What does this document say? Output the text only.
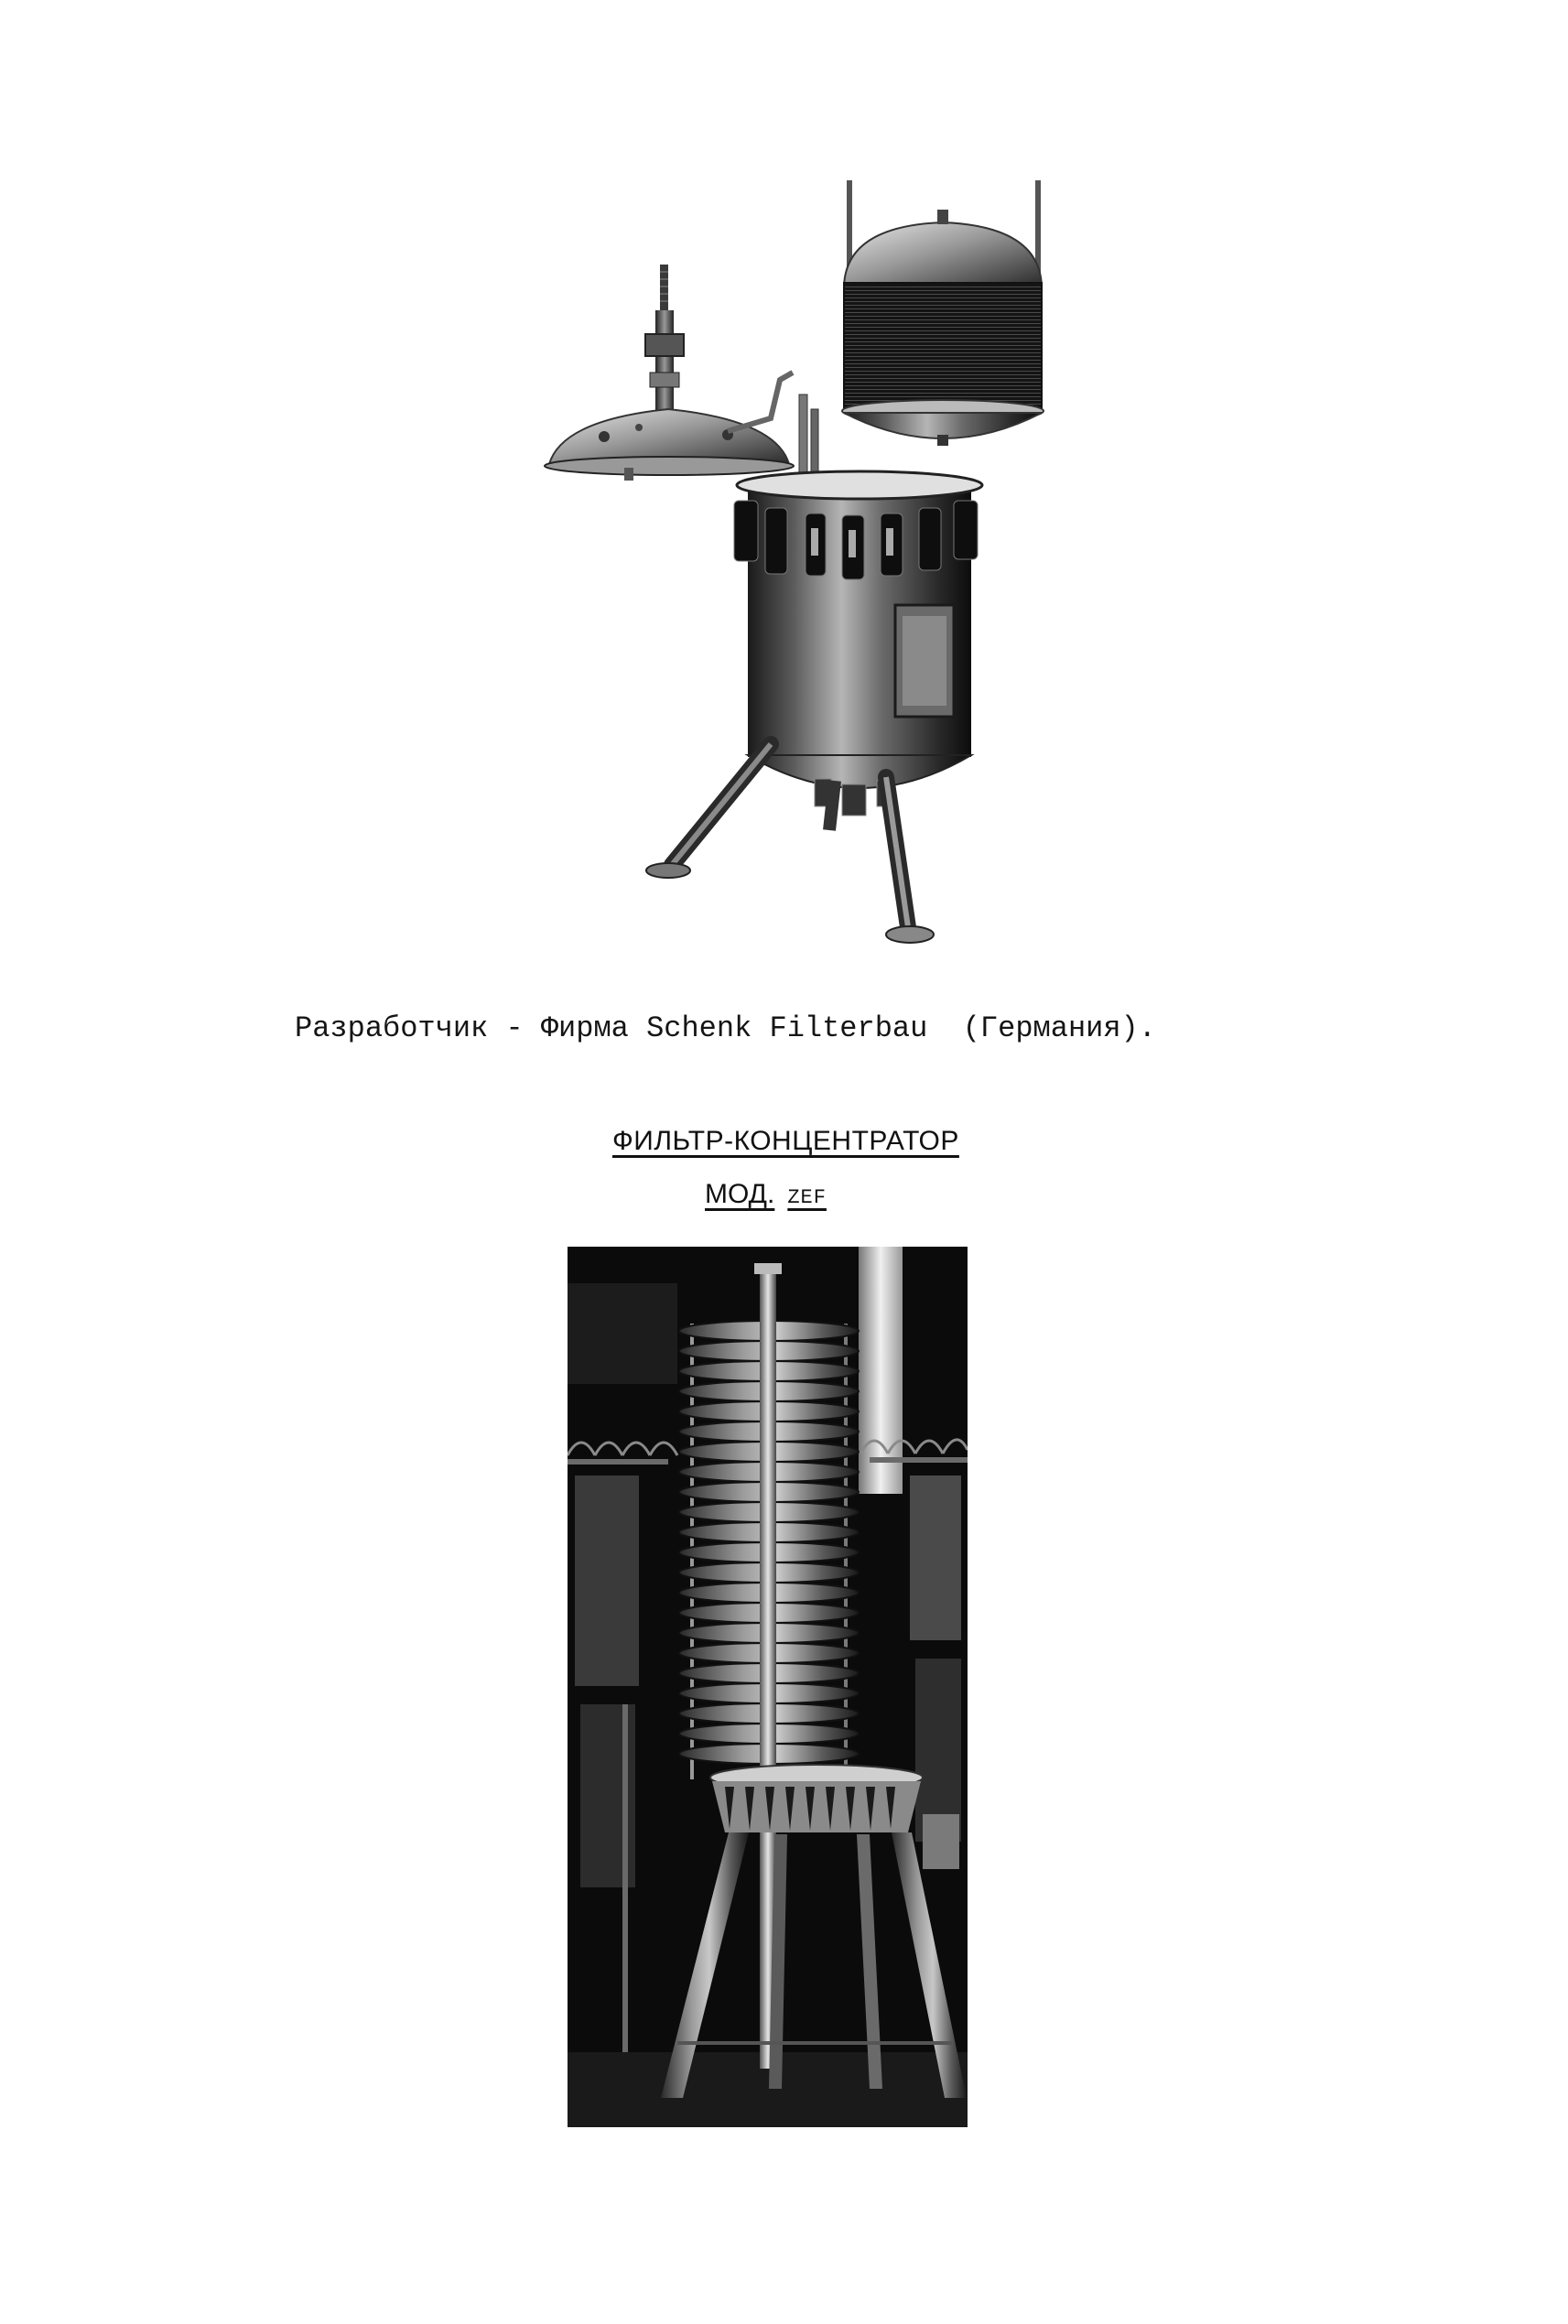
Разработчик - Фирма Schenk Filterbau  (Германия).
ФИЛЬТР-КОНЦЕНТРАТОР
МОД. ZEF
